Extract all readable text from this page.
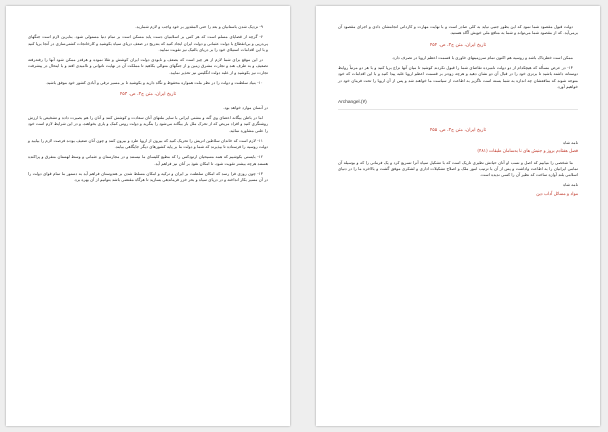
۹- نزدیک شدن باستانیان و بعد را حتی المقدور بر خود واجب و لازم شمارید.

۶- گرچه از قضایای مسلم است که هر کس بر اسلامیان دست یابد مسکن است بر تمام دنیا مستولی شود. بنابرین لازم است جنگهای پی‌درپی و بی‌انقطاع با دولت عثمانی و دولت ایران ایجاد کنید که بتدریج در ضعف دریای سیاه بکوشید و کارخانجات کشتی‌سازی در آنجا برپا کنید و با این اقدامات استیلای خود را بر دریای بالتیک نیز تقویت نمایید.

در این موقع برای شما لازم از هر چیز است که بضعف و نابودی دولت ایران کوشش و تقلا نموده و هرقدر ممکن شود آنها را رفته‌رفته تضعیف و به طرف هند و تجارت مشرق زمین و از جنگهای متوالی بکاهید تا مملکت آن در نهایت ناتوانی و ناامیدی افتد و با اینحال در پیشرفت تجارت نیز بکوشید و از غلبه دولت انگلیس نیز تحذیر نمایید.

۱۰- بنیاد سلطنت و دولت را در نظر ملت همواره محفوظ و نگاه دارید و بکوشید تا بر مسیر ترقی و آبادی کشور خود موفق باشید.

تاریخ ایران، متن ج۳، ص. ۴۵۳

در آنسان موارد خواهد بود.

اما در باطن بیگانه اعضای وی گنه و مشتی ایرانی با سایر ملتهای آنان سعادت و کوشش کنند و آنان را هم بصیرت داده و تشخیص با ارزش روشنگری کنید و افراد مریض که از تحرک ملل بار بیگانه می‌شود را بنگرید و دولت روس کمک و یاری بخواهند، و در این شرایط لازم است خود را علنی مشاوره نمائید.

۱۱- لازم است که خاندان سلاطین اتریش را تحریک کنید که بیرون از اروپا طرد و بیرون کنند و چون آنان ضعیف بودند فرصت لازم را بیابید و دولت روسیه را فرستاده تا بپذیرند که شما و دولت ما بر پایه کشورهای دیگر جایگاهی بیابند.

۱۲- بایستی بکوشیم که همه مسیحیان ارتودکس را که مطیع کلیسای ما نیستند و در مجارستان و عثمانی و وسط لهستان متفرق و پراکنده هستند هرچه بیشتر تقویت شود، تا امکان نفوذ بر آنان نیز فراهم آید.

۱۳- چون روزی فرا رسد که امکان سلطنت بر ایران و ترکیه و امکان مسلط شدن بر هندوستان فراهم آید به دستور ما تمام قوای دولت را در آن مسیر بکار انداخته و در دریای سیاه و بحر خزر فرماندهی بسازید تا هرگاه مقتضی باشد بتوانیم از آن بهره برد.

دولت قبول مقصود شما نمود که این بطور جنبی نیاید به کلی صادر است و با نهایت مهارت و کاردانی انجامشان دادی و اجرای مقصود آن برمی‌آید. که از مقصود شما می‌تواند و شما به منافع ملی خویش آگاه هستید.

تاریخ ایران، متن ج۳، ص. ۴۵۴

ممکن است خطرناک باشد و روسیه هم اکنون تمام سرزمینهای خاوری با قسمت اعظم اروپا در تصرف دارد.

۱۴- در عرض مسأله که هیچکدام از دو دولت نامبرده تقاضای شما را قبول نکردند کوشید تا میان آنها نزاع برپا کنید و با هر دو مرتباً روابط دوستانه داشته باشید تا برتری خود را در قبال آن دو نشان دهید و هرچه زودتر بر قسمت اعظم اروپا غلبه پیدا کنید و با این اقدامات که خود متوجه شوند که منافعشان چه اندازه به شما بسته است ناگزیر به اطاعت از سیاست ما خواهند شد و پس از آن اروپا را تحت فرمان خود در خواهیم آورد.

Archangel.(۷)
تاریخ ایران، متن ج۳، ص. ۴۵۵
نامه شاه
فصل هفتادم بروز و جنبش های نا به‌سامان طبقات (۴۸۱)

ما شخصی را میابیم که اصل و نسب او آنان حیاتش نظیری تاریک است که با تشکیل سپاه آنرا تسریع کرد و یک فرمانی را که و بوسیله آن تمامی ایرانیان را به اطاعت واداشت و پس از آن با ترتیب امور ملک و اصلاح تشکیلات اداری و لشکری موفق گشت و بالاخره ما را در دنیای اسلامی بلند آوازه ساخت که نظیر آن را کسی ندیده است.

نامه شاه
مواد و مسائل آداب دین
